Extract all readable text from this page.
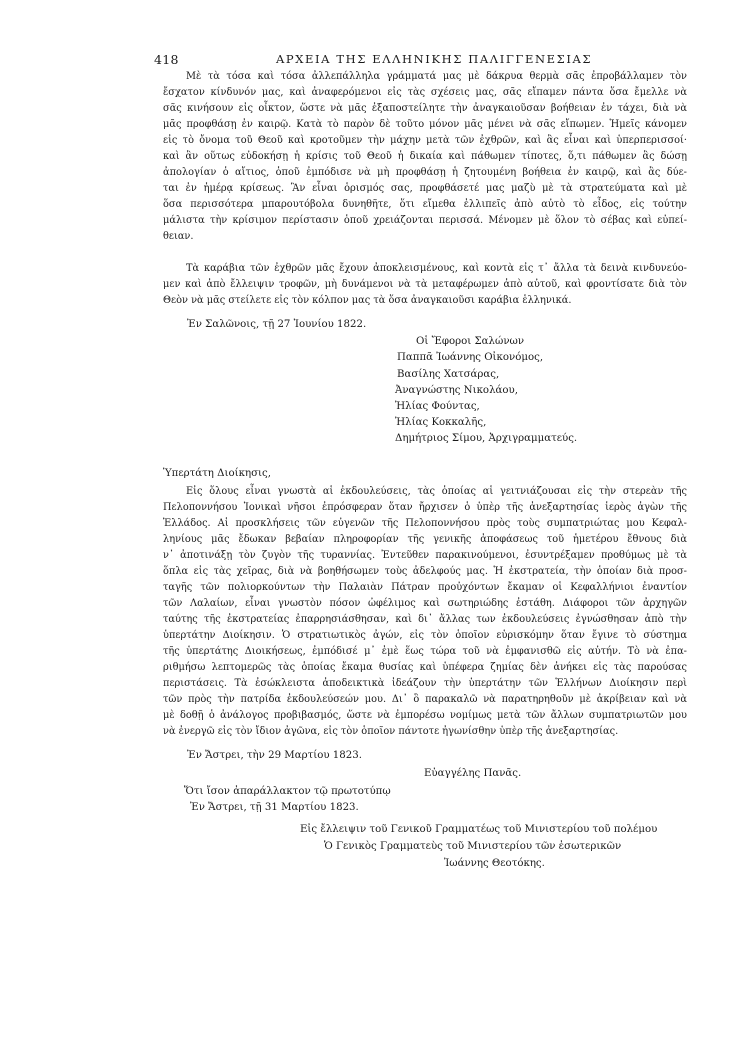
418	ΑΡΧΕΙΑ ΤΗΣ ΕΛΛΗΝΙΚΗΣ ΠΑΛΙΓΓΕΝΕΣΙΑΣ
Μὲ τὰ τόσα καὶ τόσα ἀλλεπάλληλα γράμματά μας μὲ δάκρυα θερμὰ σᾶς ἐπροβάλλαμεν τὸν
ἔσχατον κίνδυνόν μας, καὶ ἀναφερόμενοι εἰς τὰς σχέσεις μας, σᾶς εἴπαμεν πάντα ὅσα ἔμελλε νὰ
σᾶς κινήσουν εἰς οἶκτον, ὥστε νὰ μᾶς ἐξαποστείλητε τὴν ἀναγκαιοῦσαν βοήθειαν ἐν τάχει, διὰ νὰ
μᾶς προφθάσῃ ἐν καιρῷ. Κατὰ τὸ παρὸν δὲ τοῦτο μόνον μᾶς μένει νὰ σᾶς εἴπωμεν. Ἡμεῖς κάνομεν
εἰς τὸ ὄνομα τοῦ Θεοῦ καὶ κροτοῦμεν τὴν μάχην μετὰ τῶν ἐχθρῶν, καὶ ἂς εἶναι καὶ ὑπερπερισσοί·
καὶ ἂν οὕτως εὐδοκήσῃ ἡ κρίσις τοῦ Θεοῦ ἡ δικαία καὶ πάθωμεν τίποτες, ὅ,τι πάθωμεν ἂς δώσῃ
ἀπολογίαν ὁ αἴτιος, ὁποῦ ἐμπόδισε νὰ μὴ προφθάσῃ ἡ ζητουμένη βοήθεια ἐν καιρῷ, καὶ ἂς δύε-
ται ἐν ἡμέρᾳ κρίσεως. Ἂν εἶναι ὁρισμός σας, προφθάσετέ μας μαζὺ μὲ τὰ στρατεύματα καὶ μὲ
ὅσα περισσότερα μπαρουτόβολα δυνηθῆτε, ὅτι εἴμεθα ἐλλιπεῖς ἀπὸ αὐτὸ τὸ εἶδος, εἰς τούτην
μάλιστα τὴν κρίσιμον περίστασιν ὁποῦ χρειάζονται περισσά. Μένομεν μὲ ὅλον τὸ σέβας καὶ εὐπεί-
θειαν.
Τὰ καράβια τῶν ἐχθρῶν μᾶς ἔχουν ἀποκλεισμένους, καὶ κοντὰ εἰς τ᾽ ἄλλα τὰ δεινὰ κινδυνεύο-
μεν καὶ ἀπὸ ἔλλειψιν τροφῶν, μὴ δυνάμενοι νὰ τὰ μεταφέρωμεν ἀπὸ αὐτοῦ, καὶ φροντίσατε διὰ τὸν
Θεὸν νὰ μᾶς στείλετε εἰς τὸν κόλπον μας τὰ ὅσα ἀναγκαιοῦσι καράβια ἑλληνικά.
Ἐν Σαλῶνοις, τῇ 27 Ἰουνίου 1822.
Οἱ Ἔφοροι Σαλώνων
Παππᾶ Ἰωάννης Οἰκονόμος,
Βασίλης Χατσάρας,
Ἀναγνώστης Νικολάου,
Ἠλίας Φούντας,
Ἠλίας Κοκκαλῆς,
Δημήτριος Σίμου, Ἀρχιγραμματεύς.
Ὑπερτάτη Διοίκησις,
Εἰς ὅλους εἶναι γνωστὰ αἱ ἐκδουλεύσεις, τὰς ὁποίας αἱ γειτνιάζουσαι εἰς τὴν στερεὰν τῆς
Πελοποννήσου Ἰονικαὶ νῆσοι ἐπρόσφεραν ὅταν ἤρχισεν ὁ ὑπὲρ τῆς ἀνεξαρτησίας ἱερὸς ἀγὼν τῆς
Ἑλλάδος. Αἱ προσκλήσεις τῶν εὐγενῶν τῆς Πελοποννήσου πρὸς τοὺς συμπατριώτας μου Κεφαλ-
ληνίους μᾶς ἔδωκαν βεβαίαν πληροφορίαν τῆς γενικῆς ἀποφάσεως τοῦ ἡμετέρου ἔθνους διὰ
ν᾽ ἀποτινάξῃ τὸν ζυγὸν τῆς τυραννίας. Ἐντεῦθεν παρακινούμενοι, ἐσυντρέξαμεν προθύμως μὲ τὰ
ὅπλα εἰς τὰς χεῖρας, διὰ νὰ βοηθήσωμεν τοὺς ἀδελφούς μας. Ἡ ἐκστρατεία, τὴν ὁποίαν διὰ προσ-
ταγῆς τῶν πολιορκούντων τὴν Παλαιὰν Πάτραν προὐχόντων ἔκαμαν οἱ Κεφαλλήνιοι ἐναντίον
τῶν Λαλαίων, εἶναι γνωστὸν πόσον ὠφέλιμος καὶ σωτηριώδης ἐστάθη. Διάφοροι τῶν ἀρχηγῶν
ταύτης τῆς ἐκστρατείας ἐπαρρησιάσθησαν, καὶ δι᾽ ἄλλας των ἐκδουλεύσεις ἐγνώσθησαν ἀπὸ τὴν
ὑπερτάτην Διοίκησιν. Ὁ στρατιωτικὸς ἀγών, εἰς τὸν ὁποῖον εὑρισκόμην ὅταν ἔγινε τὸ σύστημα
τῆς ὑπερτάτης Διοικήσεως, ἐμπόδισέ μ᾽ ἐμὲ ἕως τώρα τοῦ νὰ ἐμφανισθῶ εἰς αὐτήν. Τὸ νὰ ἐπα-
ριθμήσω λεπτομερῶς τὰς ὁποίας ἔκαμα θυσίας καὶ ὑπέφερα ζημίας δὲν ἀνήκει εἰς τὰς παρούσας
περιστάσεις. Τὰ ἐσώκλειστα ἀποδεικτικὰ ἰδεάζουν τὴν ὑπερτάτην τῶν Ἑλλήνων Διοίκησιν περὶ
τῶν πρὸς τὴν πατρίδα ἐκδουλεύσεών μου. Δι᾽ ὃ παρακαλῶ νὰ παρατηρηθοῦν μὲ ἀκρίβειαν καὶ νὰ
μὲ δοθῇ ὁ ἀνάλογος προβιβασμός, ὥστε νὰ ἐμπορέσω νομίμως μετὰ τῶν ἄλλων συμπατριωτῶν μου
νὰ ἐνεργῶ εἰς τὸν ἴδιον ἀγῶνα, εἰς τὸν ὁποῖον πάντοτε ἠγωνίσθην ὑπὲρ τῆς ἀνεξαρτησίας.
Ἐν Ἄστρει, τὴν 29 Μαρτίου 1823.
Εὐαγγέλης Πανᾶς.
Ὅτι ἴσον ἀπαράλλακτον τῷ πρωτοτύπῳ
Ἐν Ἄστρει, τῇ 31 Μαρτίου 1823.
Εἰς ἔλλειψιν τοῦ Γενικοῦ Γραμματέως τοῦ Μινιστερίου τοῦ πολέμου
Ὁ Γενικὸς Γραμματεὺς τοῦ Μινιστερίου τῶν ἐσωτερικῶν
Ἰωάννης Θεοτόκης.
